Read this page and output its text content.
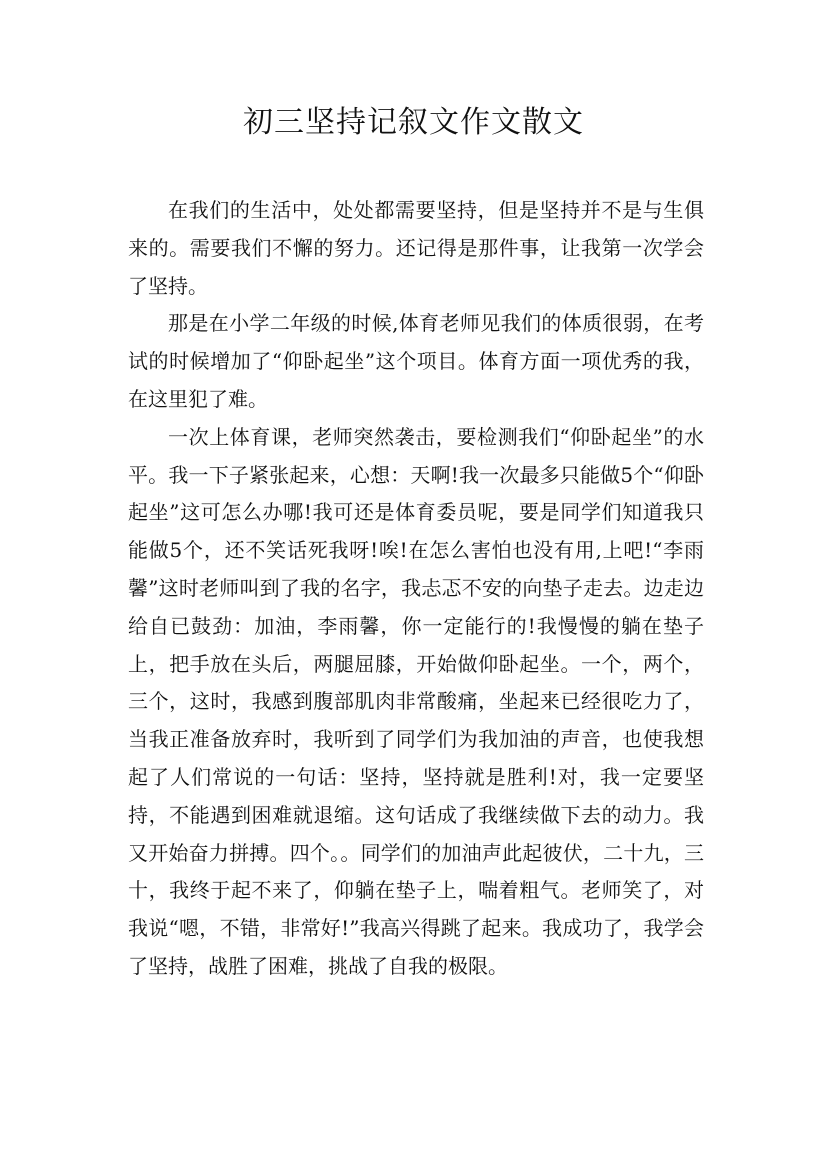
初三坚持记叙文作文散文

在我们的生活中，处处都需要坚持，但是坚持并不是与生俱来的。需要我们不懈的努力。还记得是那件事，让我第一次学会了坚持。

那是在小学二年级的时候,体育老师见我们的体质很弱，在考试的时候增加了“仰卧起坐”这个项目。体育方面一项优秀的我，在这里犯了难。

一次上体育课，老师突然袭击，要检测我们“仰卧起坐”的水平。我一下子紧张起来，心想：天啊!我一次最多只能做5个“仰卧起坐”这可怎么办哪!我可还是体育委员呢，要是同学们知道我只能做5个，还不笑话死我呀!唉!在怎么害怕也没有用,上吧!“李雨馨”这时老师叫到了我的名字，我忐忑不安的向垫子走去。边走边给自已鼓劲：加油，李雨馨，你一定能行的!我慢慢的躺在垫子上，把手放在头后，两腿屈膝，开始做仰卧起坐。一个，两个，三个，这时，我感到腹部肌肉非常酸痛，坐起来已经很吃力了，当我正准备放弃时，我听到了同学们为我加油的声音，也使我想起了人们常说的一句话：坚持，坚持就是胜利!对，我一定要坚持，不能遇到困难就退缩。这句话成了我继续做下去的动力。我又开始奋力拼搏。四个。。同学们的加油声此起彼伏，二十九，三十，我终于起不来了，仰躺在垫子上，喘着粗气。老师笑了，对我说“嗯，不错，非常好!”我高兴得跳了起来。我成功了，我学会了坚持，战胜了困难，挑战了自我的极限。
